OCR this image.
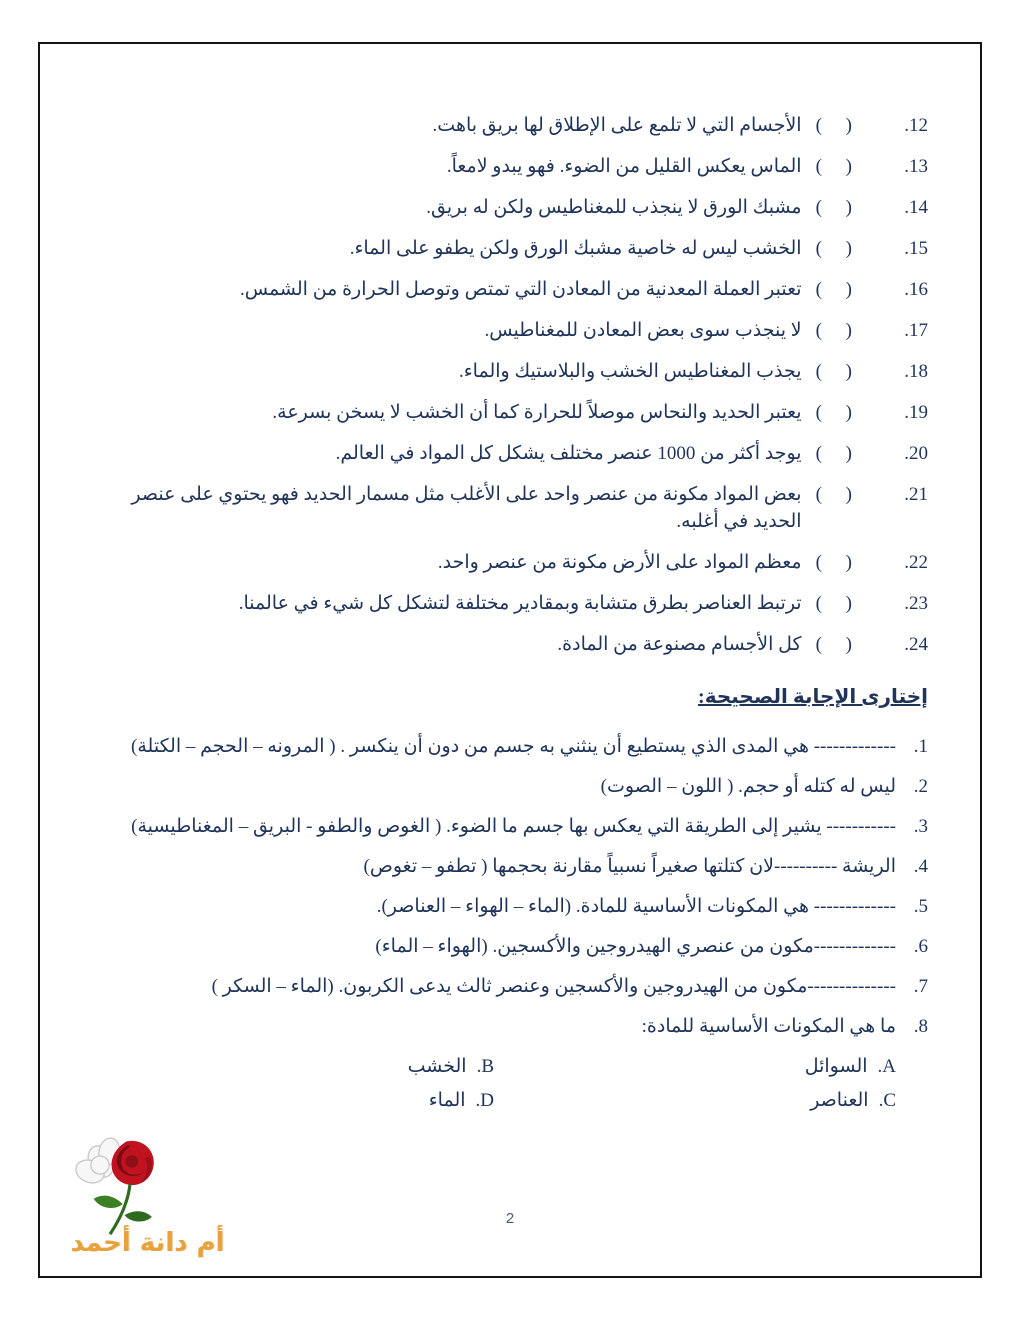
12.
(     )
الأجسام التي لا تلمع على الإطلاق لها بريق باهت.
13.
(     )
الماس يعكس القليل من الضوء. فهو يبدو لامعاً.
14.
(     )
مشبك الورق لا ينجذب للمغناطيس ولكن له بريق.
15.
(     )
الخشب ليس له خاصية مشبك الورق ولكن يطفو على الماء.
16.
(     )
تعتبر العملة المعدنية من المعادن التي تمتص وتوصل الحرارة من الشمس.
17.
(     )
لا ينجذب سوى بعض المعادن للمغناطيس.
18.
(     )
يجذب المغناطيس الخشب والبلاستيك والماء.
19.
(     )
يعتبر الحديد والنحاس موصلاً للحرارة كما أن الخشب لا يسخن بسرعة.
20.
(     )
يوجد أكثر من 1000 عنصر مختلف يشكل كل المواد في العالم.
21.
(     )
بعض المواد مكونة من عنصر واحد على الأغلب مثل مسمار الحديد فهو يحتوي على عنصر الحديد في أغلبه.
22.
(     )
معظم المواد على الأرض مكونة من عنصر واحد.
23.
(     )
ترتبط العناصر بطرق متشابة وبمقادير مختلفة لتشكل كل شيء في عالمنا.
24.
(     )
كل الأجسام مصنوعة من المادة.
إختارى الإجابة الصحيحة:
1.
------------- هي المدى الذي يستطيع أن ينثني به جسم من دون أن ينكسر . ( المرونه – الحجم – الكتلة)
2.
ليس له كتله أو حجم. ( اللون – الصوت)
3.
----------- يشير إلى الطريقة التي يعكس بها جسم ما الضوء. ( الغوص والطفو - البريق – المغناطيسية)
4.
الريشة ----------لان كتلتها صغيراً نسبياً مقارنة بحجمها ( تطفو – تغوص)
5.
------------- هي المكونات الأساسية للمادة. (الماء – الهواء – العناصر).
6.
-------------مكون من عنصري الهيدروجين والأكسجين. (الهواء – الماء)
7.
--------------مكون من الهيدروجين والأكسجين وعنصر ثالث يدعى الكربون. (الماء – السكر )
8.
ما هي المكونات الأساسية للمادة:
A.
السوائل
B.
الخشب
C.
العناصر
D.
الماء
أم دانة أحمد
2
